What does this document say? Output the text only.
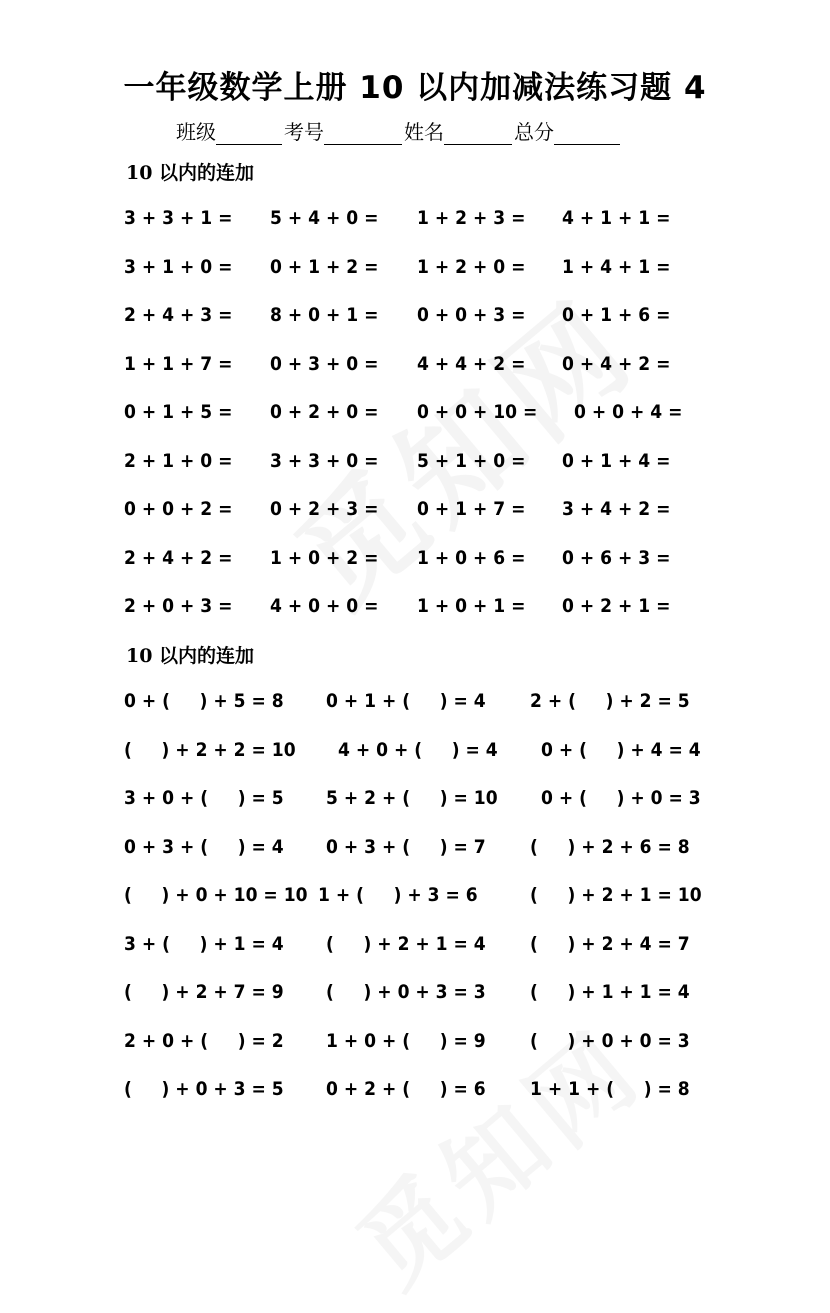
一年级数学上册 10 以内加减法练习题 4
班级	考号	姓名	总分
10 以内的连加
3 + 3 + 1 = 5 + 4 + 0 = 1 + 2 + 3 = 4 + 1 + 1 =
3 + 1 + 0 = 0 + 1 + 2 = 1 + 2 + 0 = 1 + 4 + 1 =
2 + 4 + 3 = 8 + 0 + 1 = 0 + 0 + 3 = 0 + 1 + 6 =
1 + 1 + 7 = 0 + 3 + 0 = 4 + 4 + 2 = 0 + 4 + 2 =
0 + 1 + 5 = 0 + 2 + 0 = 0 + 0 + 10 = 0 + 0 + 4 =
2 + 1 + 0 = 3 + 3 + 0 = 5 + 1 + 0 = 0 + 1 + 4 =
0 + 0 + 2 = 0 + 2 + 3 = 0 + 1 + 7 = 3 + 4 + 2 =
2 + 4 + 2 = 1 + 0 + 2 = 1 + 0 + 6 = 0 + 6 + 3 =
2 + 0 + 3 = 4 + 0 + 0 = 1 + 0 + 1 = 0 + 2 + 1 =
10 以内的连加
0 + (     ) + 5 = 8 0 + 1 + (     ) = 4 2 + (     ) + 2 = 5
(     ) + 2 + 2 = 10 4 + 0 + (     ) = 4 0 + (     ) + 4 = 4
3 + 0 + (     ) = 5 5 + 2 + (     ) = 10 0 + (     ) + 0 = 3
0 + 3 + (     ) = 4 0 + 3 + (     ) = 7 (     ) + 2 + 6 = 8
(     ) + 0 + 10 = 10 1 + (     ) + 3 = 6	(     ) + 2 + 1 = 10
3 + (     ) + 1 = 4 (     ) + 2 + 1 = 4 (     ) + 2 + 4 = 7
(     ) + 2 + 7 = 9 (     ) + 0 + 3 = 3 (     ) + 1 + 1 = 4
2 + 0 + (     ) = 2 1 + 0 + (     ) = 9 (     ) + 0 + 0 = 3
(     ) + 0 + 3 = 5 0 + 2 + (     ) = 6 1 + 1 + (     ) = 8
